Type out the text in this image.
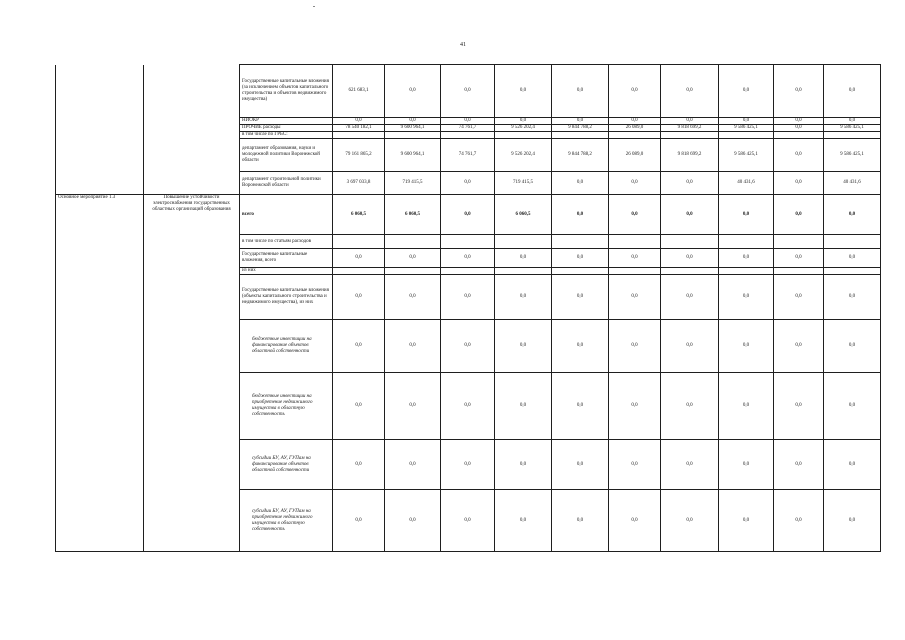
41
		Государственные капитальные вложения (за исключением объектов капитального строительства и объектов недвижимого имущества)	621 683,1	0,0	0,0	0,0	0,0	0,0	0,0	0,0	0,0	0,0
		НИОКР	0,0	0,0	0,0	0,0	0,0	0,0	0,0	0,0	0,0	0,0
		ПРОЧИЕ расходы	78 540 182,1	9 600 964,1	74 761,7	9 526 202,4	9 844 788,2	26 089,0	9 818 699,2	9 586 425,1	0,0	9 586 425,1
		в том числе по ГРБС:										
		департамент образования, науки и молодежной политики Воронежской области	79 161 865,2	9 600 964,1	74 761,7	9 526 202,4	9 844 788,2	26 089,0	9 818 699,2	9 586 425,1	0,0	9 586 425,1
		департамент строительной политики Воронежской области	3 697 033,8	719 415,5	0,0	719 415,5	0,0	0,0	0,0	40 431,6	0,0	40 431,6
Основное мероприятие 1.3	Повышение устойчивости электроснабжения государственных областных организаций образования	всего	6 060,5	6 060,5	0,0	6 060,5	0,0	0,0	0,0	0,0	0,0	0,0
		в том числе по статьям расходов										
		Государственные капитальные вложения, всего	0,0	0,0	0,0	0,0	0,0	0,0	0,0	0,0	0,0	0,0
		из них										
		Государственные капитальные вложения (объекты капитального строительства и недвижимого имущества), из них	0,0	0,0	0,0	0,0	0,0	0,0	0,0	0,0	0,0	0,0
		бюджетные инвестиции на финансирование объектов областной собственности	0,0	0,0	0,0	0,0	0,0	0,0	0,0	0,0	0,0	0,0
		бюджетные инвестиции на приобретение недвижимого имущества в областную собственность	0,0	0,0	0,0	0,0	0,0	0,0	0,0	0,0	0,0	0,0
		субсидии БУ, АУ, ГУПам на финансирование объектов областной собственности	0,0	0,0	0,0	0,0	0,0	0,0	0,0	0,0	0,0	0,0
		субсидии БУ, АУ, ГУПам на приобретение недвижимого имущества в областную собственность	0,0	0,0	0,0	0,0	0,0	0,0	0,0	0,0	0,0	0,0
